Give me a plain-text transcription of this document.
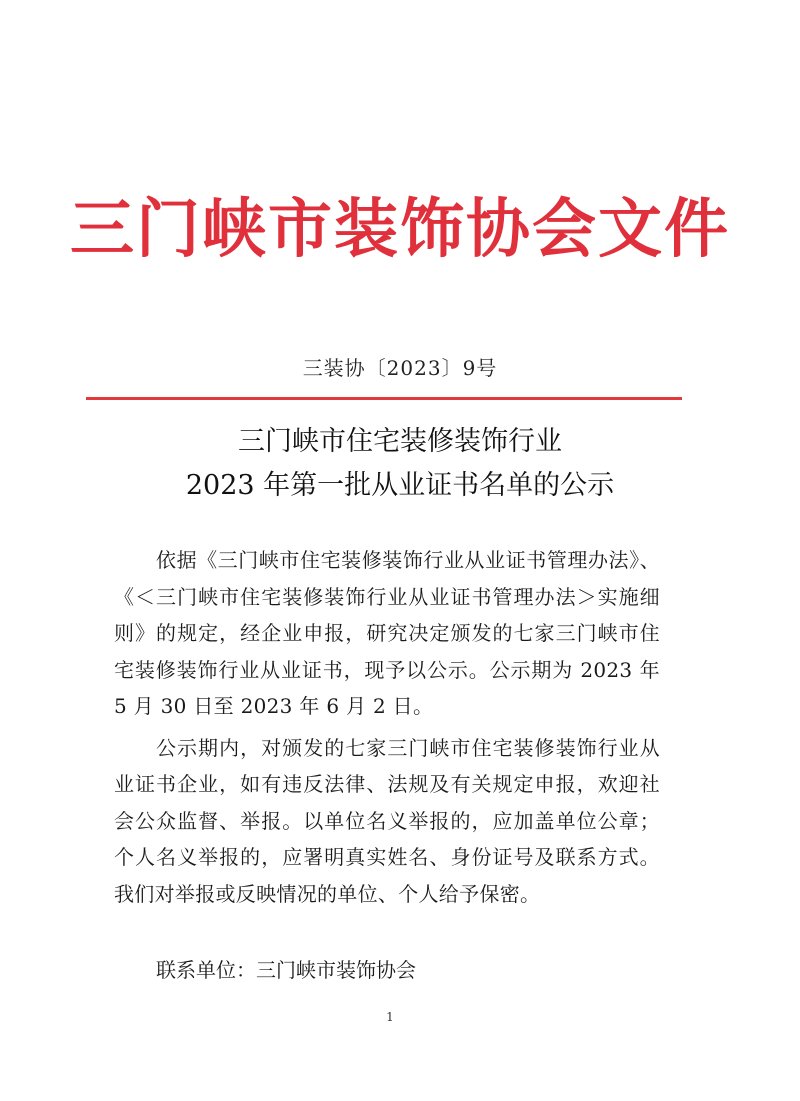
三门峡市装饰协会文件
三装协〔2023〕9号
三门峡市住宅装修装饰行业
2023 年第一批从业证书名单的公示

依据《三门峡市住宅装修装饰行业从业证书管理办法》、《＜三门峡市住宅装修装饰行业从业证书管理办法＞实施细则》的规定，经企业申报，研究决定颁发的七家三门峡市住宅装修装饰行业从业证书，现予以公示。公示期为 2023 年 5 月 30 日至 2023 年 6 月 2 日。

公示期内，对颁发的七家三门峡市住宅装修装饰行业从业证书企业，如有违反法律、法规及有关规定申报，欢迎社会公众监督、举报。以单位名义举报的，应加盖单位公章；个人名义举报的，应署明真实姓名、身份证号及联系方式。我们对举报或反映情况的单位、个人给予保密。

联系单位：三门峡市装饰协会
1
